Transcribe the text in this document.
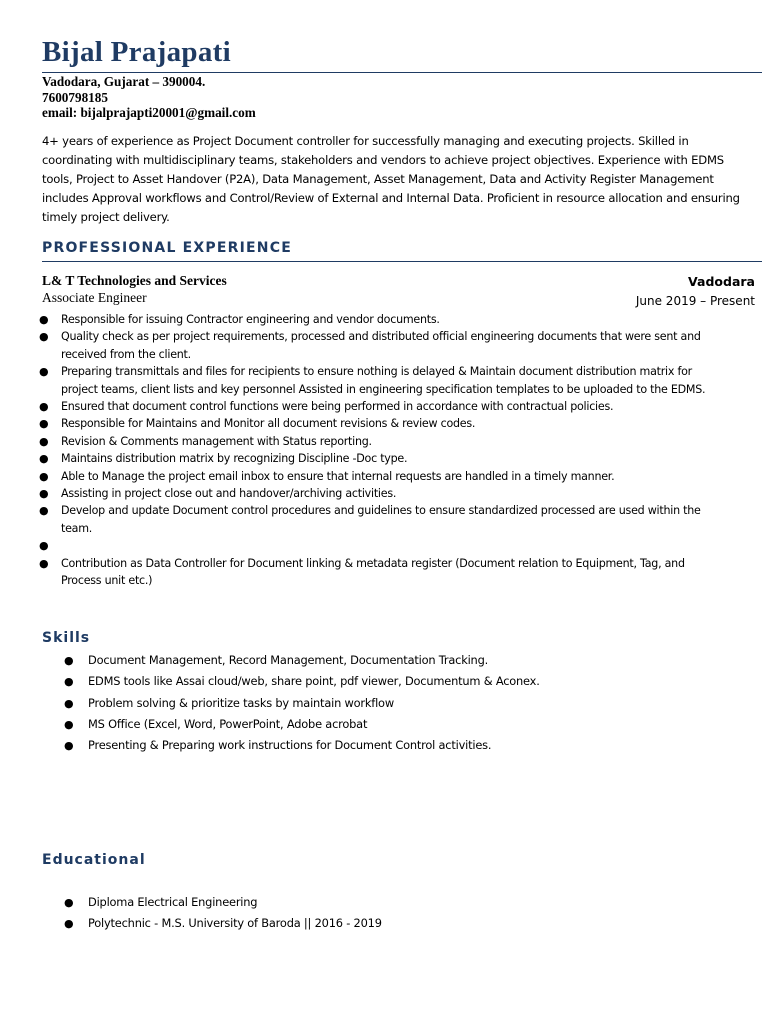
Bijal Prajapati
Vadodara, Gujarat – 390004.
7600798185
email: bijalprajapti20001@gmail.com
4+ years of experience as Project Document controller for successfully managing and executing projects. Skilled in coordinating with multidisciplinary teams, stakeholders and vendors to achieve project objectives. Experience with EDMS tools, Project to Asset Handover (P2A), Data Management, Asset Management, Data and Activity Register Management includes Approval workflows and Control/Review of External and Internal Data. Proficient in resource allocation and ensuring timely project delivery.
PROFESSIONAL EXPERIENCE
L& T Technologies and Services
Associate Engineer
Vadodara
June 2019 – Present
● Responsible for issuing Contractor engineering and vendor documents.
● Quality check as per project requirements, processed and distributed official engineering documents that were sent and received from the client.
● Preparing transmittals and files for recipients to ensure nothing is delayed & Maintain document distribution matrix for project teams, client lists and key personnel Assisted in engineering specification templates to be uploaded to the EDMS.
● Ensured that document control functions were being performed in accordance with contractual policies.
● Responsible for Maintains and Monitor all document revisions & review codes.
● Revision & Comments management with Status reporting.
● Maintains distribution matrix by recognizing Discipline -Doc type.
● Able to Manage the project email inbox to ensure that internal requests are handled in a timely manner.
● Assisting in project close out and handover/archiving activities.
● Develop and update Document control procedures and guidelines to ensure standardized processed are used within the team.
●
● Contribution as Data Controller for Document linking & metadata register (Document relation to Equipment, Tag, and Process unit etc.)
Skills
● Document Management, Record Management, Documentation Tracking.
● EDMS tools like Assai cloud/web, share point, pdf viewer, Documentum & Aconex.
● Problem solving & prioritize tasks by maintain workflow
● MS Office (Excel, Word, PowerPoint, Adobe acrobat
● Presenting & Preparing work instructions for Document Control activities.
Educational
● Diploma Electrical Engineering
● Polytechnic - M.S. University of Baroda || 2016 - 2019
